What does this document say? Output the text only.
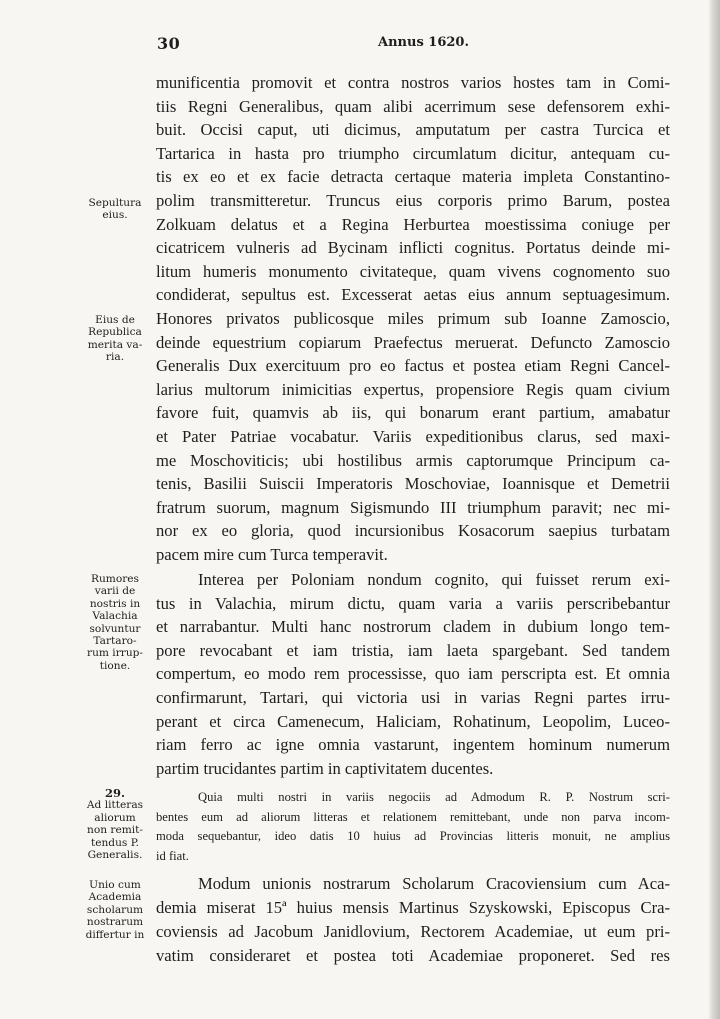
30	Annus 1620.
munificentia promovit et contra nostros varios hostes tam in Comi-
tiis Regni Generalibus, quam alibi acerrimum sese defensorem exhi-
buit. Occisi caput, uti dicimus, amputatum per castra Turcica et
Tartarica in hasta pro triumpho circumlatum dicitur, antequam cu-
tis ex eo et ex facie detracta certaque materia impleta Constantino-
polim transmitteretur. Truncus eius corporis primo Barum, postea
Zolkuam delatus et a Regina Herburtea moestissima coniuge per
cicatricem vulneris ad Bycinam inflicti cognitus. Portatus deinde mi-
litum humeris monumento civitateque, quam vivens cognomento suo
condiderat, sepultus est. Excesserat aetas eius annum septuagesimum.
Honores privatos publicosque miles primum sub Ioanne Zamoscio,
deinde equestrium copiarum Praefectus meruerat. Defuncto Zamoscio
Generalis Dux exercituum pro eo factus et postea etiam Regni Cancel-
larius multorum inimicitias expertus, propensiore Regis quam civium
favore fuit, quamvis ab iis, qui bonarum erant partium, amabatur
et Pater Patriae vocabatur. Variis expeditionibus clarus, sed maxi-
me Moschoviticis; ubi hostilibus armis captorumque Principum ca-
tenis, Basilii Suiscii Imperatoris Moschoviae, Ioannisque et Demetrii
fratrum suorum, magnum Sigismundo III triumphum paravit; nec mi-
nor ex eo gloria, quod incursionibus Kosacorum saepius turbatam
pacem mire cum Turca temperavit.
Interea per Poloniam nondum cognito, qui fuisset rerum exi-
tus in Valachia, mirum dictu, quam varia a variis perscribebantur
et narrabantur. Multi hanc nostrorum cladem in dubium longo tem-
pore revocabant et iam tristia, iam laeta spargebant. Sed tandem
compertum, eo modo rem processisse, quo iam perscripta est. Et omnia
confirmarunt, Tartari, qui victoria usi in varias Regni partes irru-
perant et circa Camenecum, Haliciam, Rohatinum, Leopolim, Luceo-
riam ferro ac igne omnia vastarunt, ingentem hominum numerum
partim trucidantes partim in captivitatem ducentes.
Quia multi nostri in variis negociis ad Admodum R. P. Nostrum scri-
bentes eum ad aliorum litteras et relationem remittebant, unde non parva incom-
moda sequebantur, ideo datis 10 huius ad Provincias litteris monuit, ne amplius
id fiat.
Modum unionis nostrarum Scholarum Cracoviensium cum Aca-
demia miserat 15ª huius mensis Martinus Szyskowski, Episcopus Cra-
coviensis ad Jacobum Janidlovium, Rectorem Academiae, ut eum pri-
vatim consideraret et postea toti Academiae proponeret. Sed res
Sepultura
eius.
Eius de
Republica
merita va-
ria.
Rumores
varii de
nostris in
Valachia
solvuntur
Tartaro-
rum irrup-
tione.
29.
Ad litteras
aliorum
non remit-
tendus P.
Generalis.
Unio cum
Academia
scholarum
nostrarum
differtur in
